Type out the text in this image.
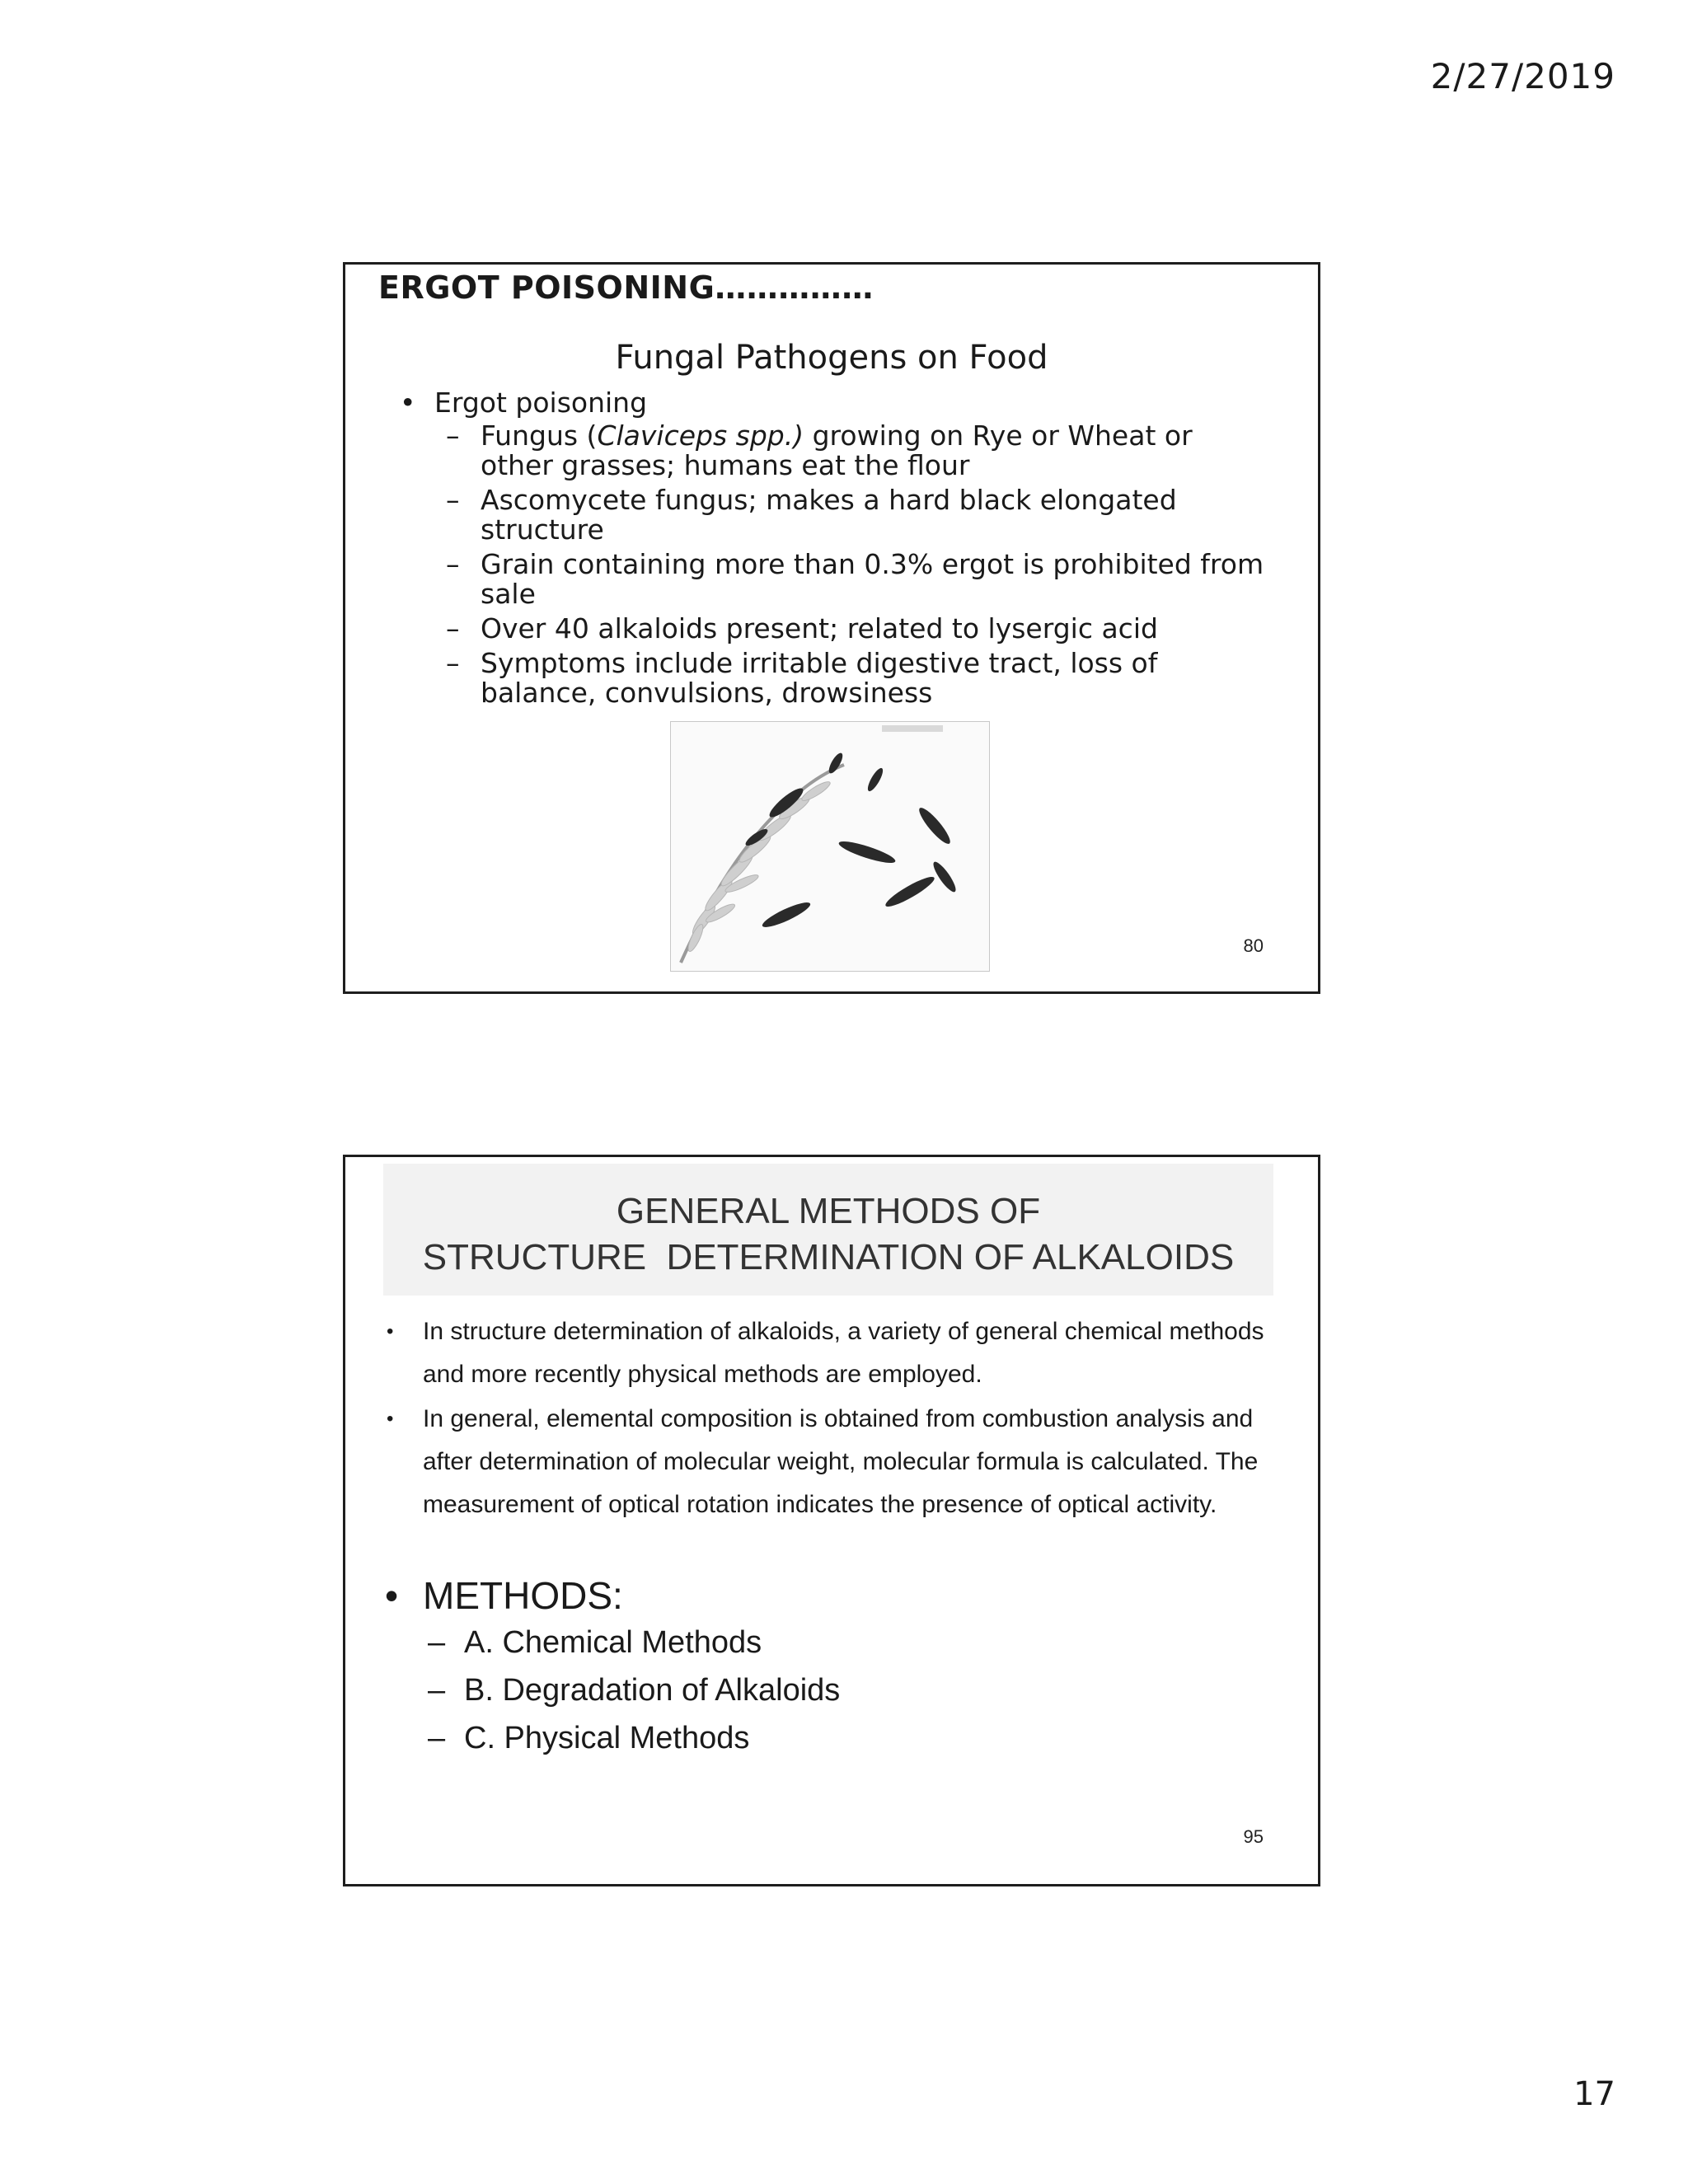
2/27/2019
ERGOT POISONING……………
Fungal Pathogens on Food
• Ergot poisoning
– Fungus (Claviceps spp.) growing on Rye or Wheat or other grasses; humans eat the flour
– Ascomycete fungus; makes a hard black elongated structure
– Grain containing more than 0.3% ergot is prohibited from sale
– Over 40 alkaloids present; related to lysergic acid
– Symptoms include irritable digestive tract, loss of balance, convulsions, drowsiness
80
GENERAL METHODS OF
STRUCTURE  DETERMINATION OF ALKALOIDS
• In structure determination of alkaloids, a variety of general chemical methods and more recently physical methods are employed.
• In general, elemental composition is obtained from combustion analysis and after determination of molecular weight, molecular formula is calculated. The measurement of optical rotation indicates the presence of optical activity.
• METHODS:
– A. Chemical Methods
– B. Degradation of Alkaloids
– C. Physical Methods
95
17
